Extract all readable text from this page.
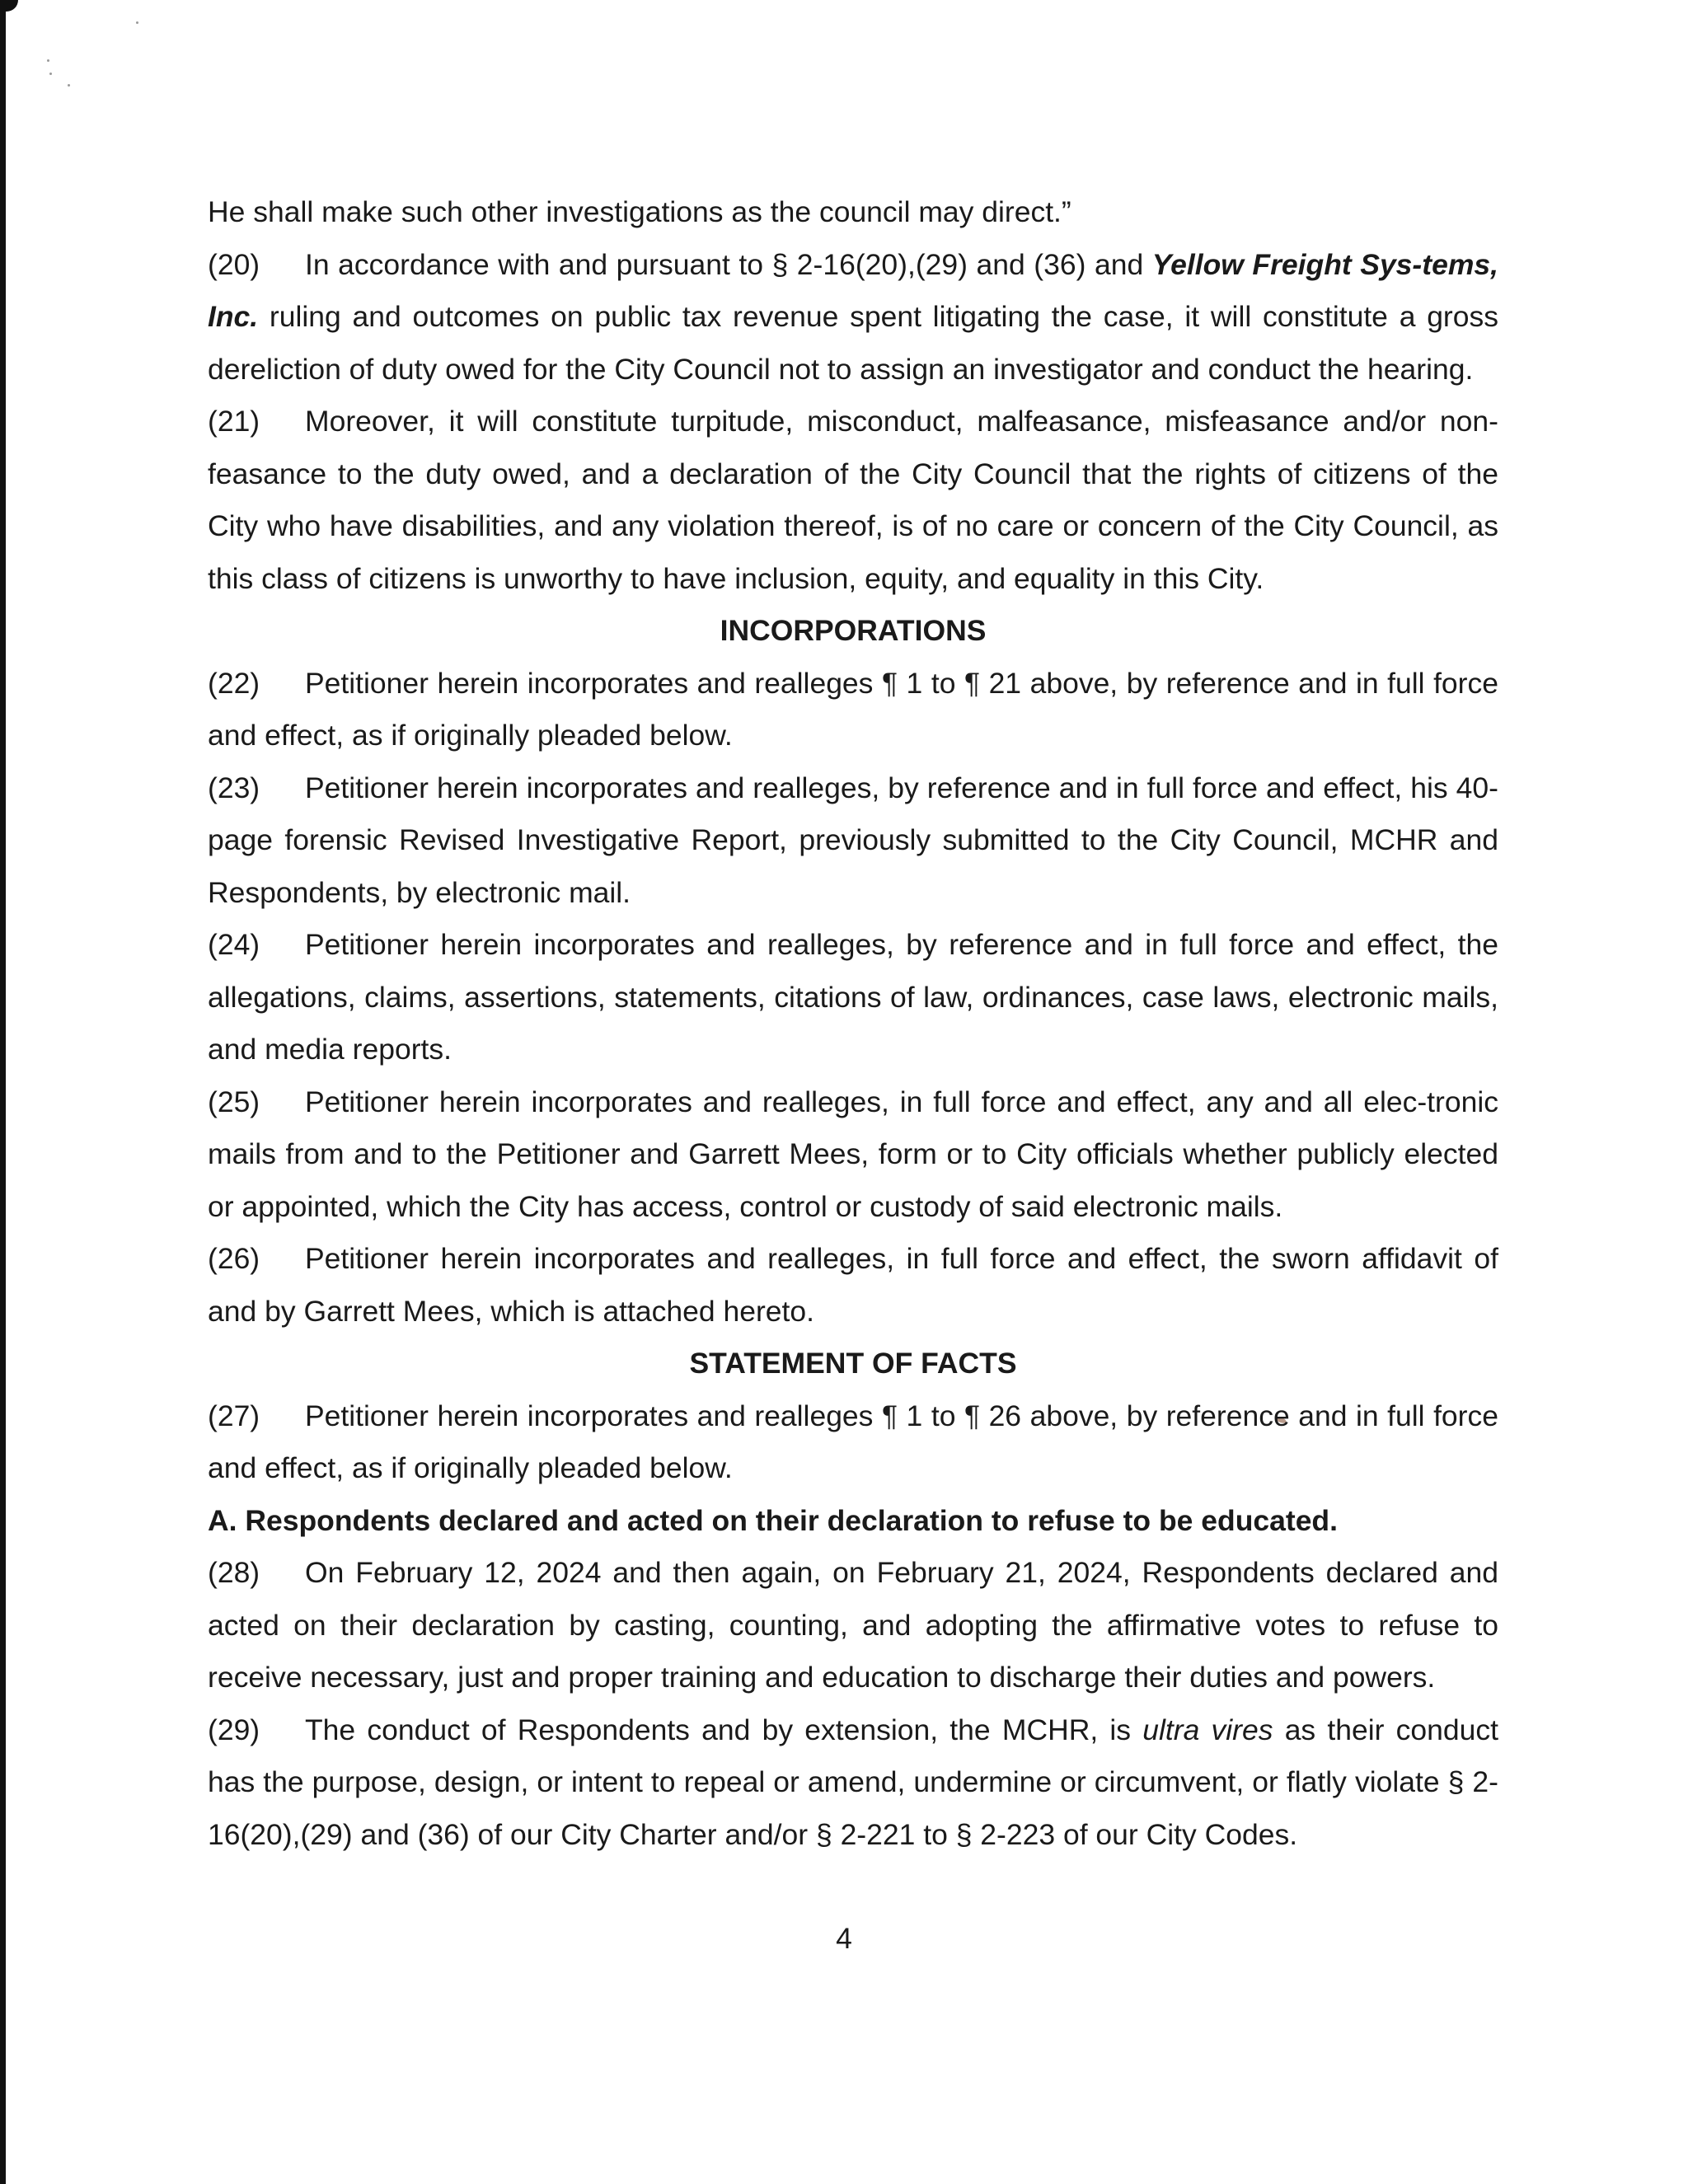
He shall make such other investigations as the council may direct.”

(20) In accordance with and pursuant to § 2-16(20),(29) and (36) and Yellow Freight Sys-tems, Inc. ruling and outcomes on public tax revenue spent litigating the case, it will constitute a gross dereliction of duty owed for the City Council not to assign an investigator and conduct the hearing.

(21) Moreover, it will constitute turpitude, misconduct, malfeasance, misfeasance and/or non-feasance to the duty owed, and a declaration of the City Council that the rights of citizens of the City who have disabilities, and any violation thereof, is of no care or concern of the City Council, as this class of citizens is unworthy to have inclusion, equity, and equality in this City.

INCORPORATIONS

(22) Petitioner herein incorporates and realleges ¶ 1 to ¶ 21 above, by reference and in full force and effect, as if originally pleaded below.

(23) Petitioner herein incorporates and realleges, by reference and in full force and effect, his 40-page forensic Revised Investigative Report, previously submitted to the City Council, MCHR and Respondents, by electronic mail.

(24) Petitioner herein incorporates and realleges, by reference and in full force and effect, the allegations, claims, assertions, statements, citations of law, ordinances, case laws, electronic mails, and media reports.

(25) Petitioner herein incorporates and realleges, in full force and effect, any and all elec-tronic mails from and to the Petitioner and Garrett Mees, form or to City officials whether publicly elected or appointed, which the City has access, control or custody of said electronic mails.

(26) Petitioner herein incorporates and realleges, in full force and effect, the sworn affidavit of and by Garrett Mees, which is attached hereto.

STATEMENT OF FACTS

(27) Petitioner herein incorporates and realleges ¶ 1 to ¶ 26 above, by reference and in full force and effect, as if originally pleaded below.

A. Respondents declared and acted on their declaration to refuse to be educated.

(28) On February 12, 2024 and then again, on February 21, 2024, Respondents declared and acted on their declaration by casting, counting, and adopting the affirmative votes to refuse to receive necessary, just and proper training and education to discharge their duties and powers.

(29) The conduct of Respondents and by extension, the MCHR, is ultra vires as their conduct has the purpose, design, or intent to repeal or amend, undermine or circumvent, or flatly violate § 2-16(20),(29) and (36) of our City Charter and/or § 2-221 to § 2-223 of our City Codes.

4
